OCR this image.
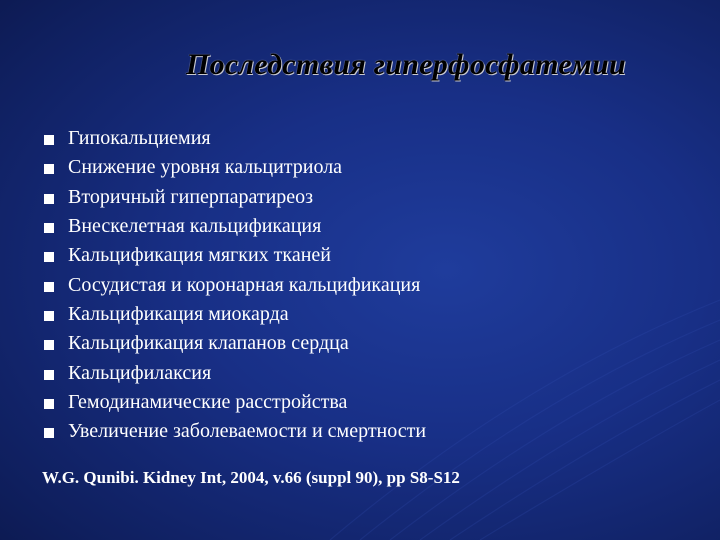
Последствия гиперфосфатемии
Гипокальциемия
Снижение уровня кальцитриола
Вторичный гиперпаратиреоз
Внескелетная кальцификация
Кальцификация мягких тканей
Сосудистая и коронарная кальцификация
Кальцификация миокарда
Кальцификация клапанов сердца
Кальцифилаксия
Гемодинамические расстройства
Увеличение заболеваемости и смертности
W.G. Qunibi. Kidney Int, 2004, v.66 (suppl 90), pp S8-S12
